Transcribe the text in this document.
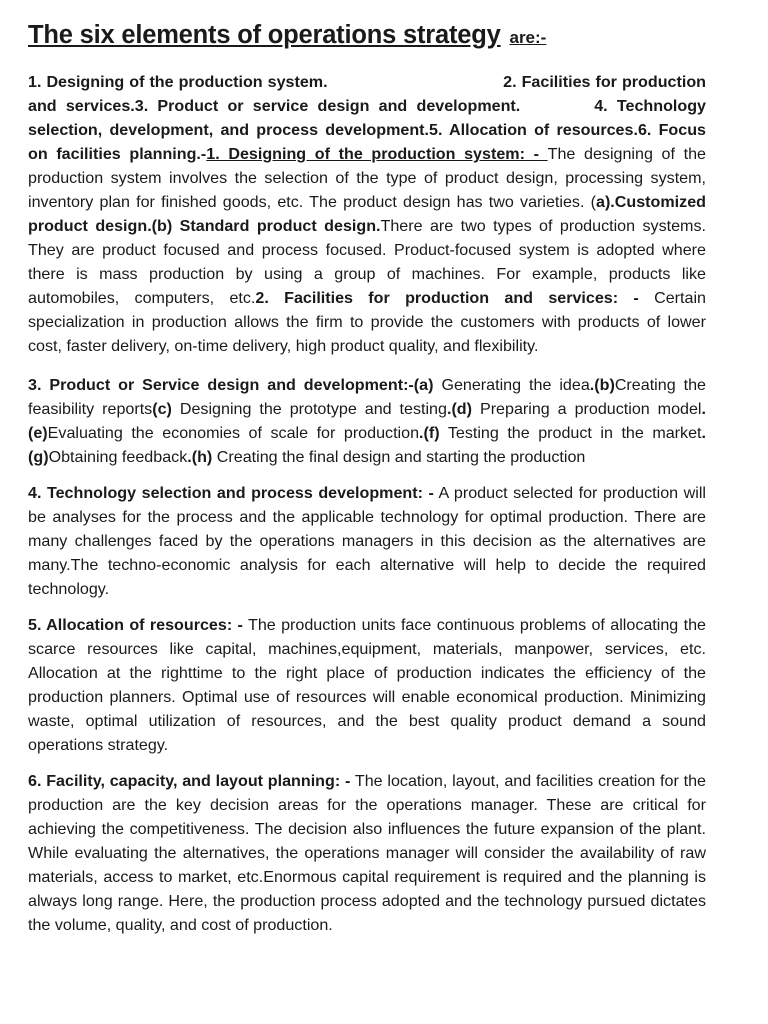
The six elements of operations strategy are:-

1. Designing of the production system.	2. Facilities for production and services.3. Product or service design and development.	4. Technology selection, development, and process development.5. Allocation of resources.6. Focus on facilities planning.-1. Designing of the production system: - The designing of the production system involves the selection of the type of product design, processing system, inventory plan for finished goods, etc. The product design has two varieties. (a).Customized product design.(b) Standard product design.There are two types of production systems. They are product focused and process focused. Product-focused system is adopted where there is mass production by using a group of machines. For example, products like automobiles, computers, etc.2. Facilities for production and services: - Certain specialization in production allows the firm to provide the customers with products of lower cost, faster delivery, on-time delivery, high product quality, and flexibility.

3. Product or Service design and development:-(a) Generating the idea.(b)Creating the feasibility reports(c) Designing the prototype and testing.(d) Preparing a production model.(e)Evaluating the economies of scale for production.(f) Testing the product in the market.(g)Obtaining feedback.(h) Creating the final design and starting the production

4. Technology selection and process development: - A product selected for production will be analyses for the process and the applicable technology for optimal production. There are many challenges faced by the operations managers in this decision as the alternatives are many.The techno-economic analysis for each alternative will help to decide the required technology.

5. Allocation of resources: - The production units face continuous problems of allocating the scarce resources like capital, machines,equipment, materials, manpower, services, etc. Allocation at the righttime to the right place of production indicates the efficiency of the production planners. Optimal use of resources will enable economical production. Minimizing waste, optimal utilization of resources, and the best quality product demand a sound operations strategy.

6. Facility, capacity, and layout planning: - The location, layout, and facilities creation for the production are the key decision areas for the operations manager. These are critical for achieving the competitiveness. The decision also influences the future expansion of the plant. While evaluating the alternatives, the operations manager will consider the availability of raw materials, access to market, etc.Enormous capital requirement is required and the planning is always long range. Here, the production process adopted and the technology pursued dictates the volume, quality, and cost of production.
